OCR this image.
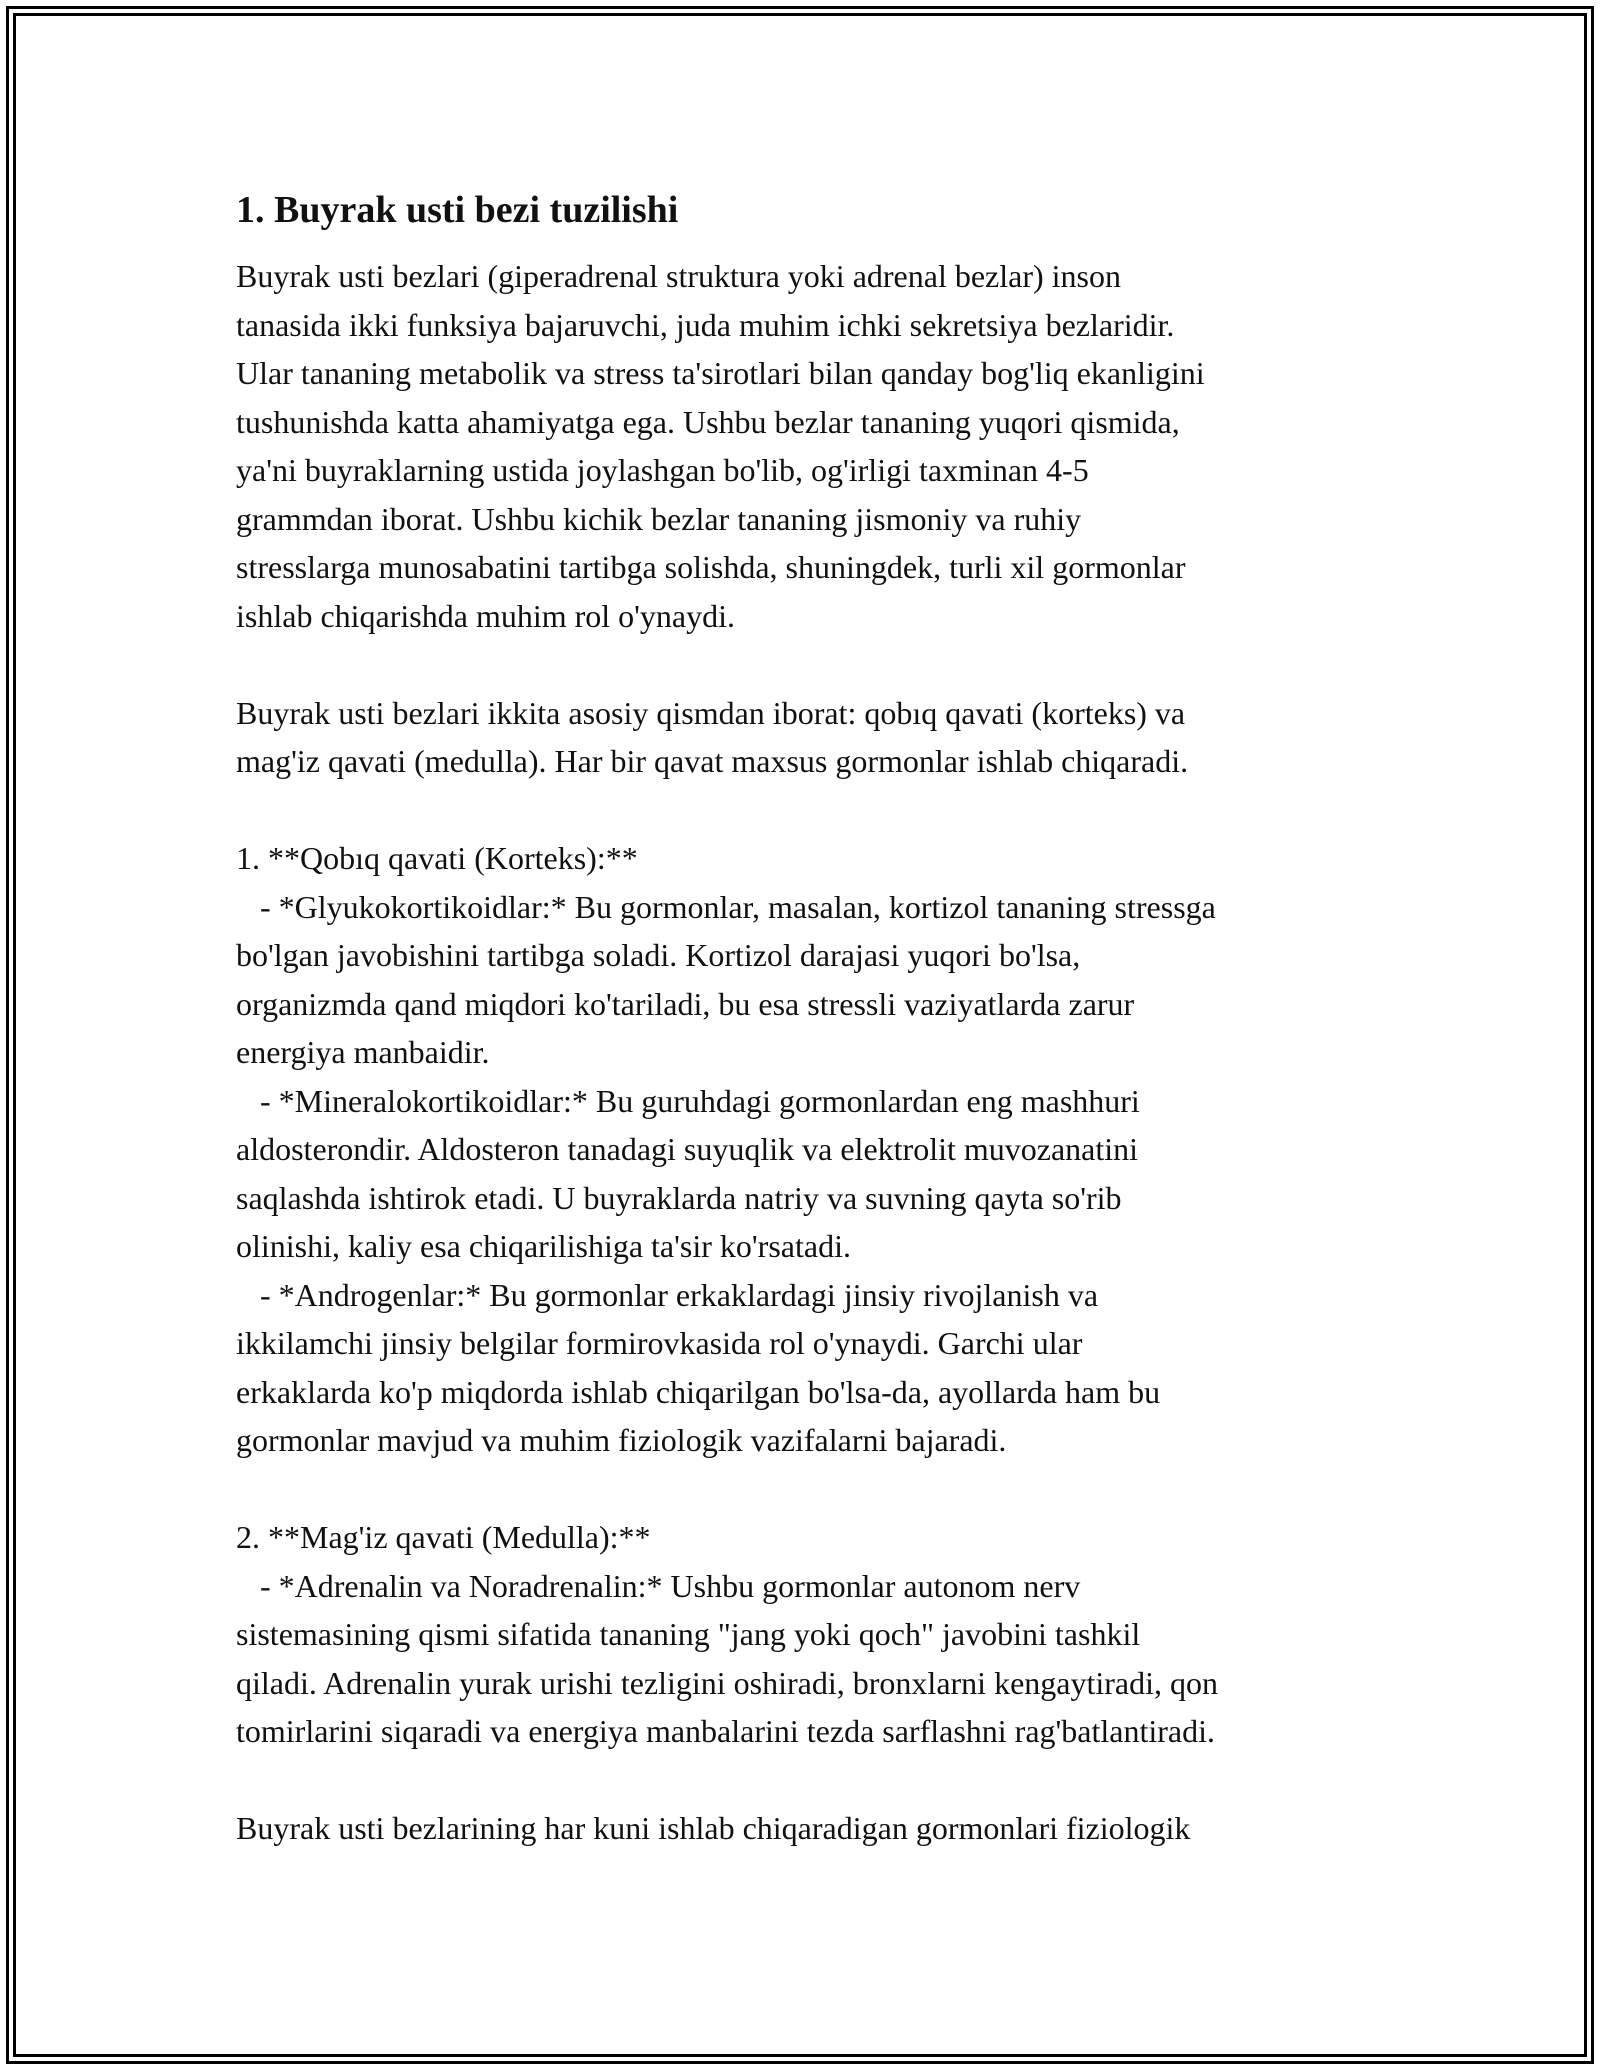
1. Buyrak usti bezi tuzilishi

Buyrak usti bezlari (giperadrenal struktura yoki adrenal bezlar) inson
tanasida ikki funksiya bajaruvchi, juda muhim ichki sekretsiya bezlaridir.
Ular tananing metabolik va stress ta'sirotlari bilan qanday bog'liq ekanligini
tushunishda katta ahamiyatga ega. Ushbu bezlar tananing yuqori qismida,
ya'ni buyraklarning ustida joylashgan bo'lib, og'irligi taxminan 4-5
grammdan iborat. Ushbu kichik bezlar tananing jismoniy va ruhiy
stresslarga munosabatini tartibga solishda, shuningdek, turli xil gormonlar
ishlab chiqarishda muhim rol o'ynaydi.

Buyrak usti bezlari ikkita asosiy qismdan iborat: qobıq qavati (korteks) va
mag'iz qavati (medulla). Har bir qavat maxsus gormonlar ishlab chiqaradi.

1. **Qobıq qavati (Korteks):**
- *Glyukokortikoidlar:* Bu gormonlar, masalan, kortizol tananing stressga
bo'lgan javobishini tartibga soladi. Kortizol darajasi yuqori bo'lsa,
organizmda qand miqdori ko'tariladi, bu esa stressli vaziyatlarda zarur
energiya manbaidir.
- *Mineralokortikoidlar:* Bu guruhdagi gormonlardan eng mashhuri
aldosterondir. Aldosteron tanadagi suyuqlik va elektrolit muvozanatini
saqlashda ishtirok etadi. U buyraklarda natriy va suvning qayta so'rib
olinishi, kaliy esa chiqarilishiga ta'sir ko'rsatadi.
- *Androgenlar:* Bu gormonlar erkaklardagi jinsiy rivojlanish va
ikkilamchi jinsiy belgilar formirovkasida rol o'ynaydi. Garchi ular
erkaklarda ko'p miqdorda ishlab chiqarilgan bo'lsa-da, ayollarda ham bu
gormonlar mavjud va muhim fiziologik vazifalarni bajaradi.

2. **Mag'iz qavati (Medulla):**
- *Adrenalin va Noradrenalin:* Ushbu gormonlar autonom nerv
sistemasining qismi sifatida tananing "jang yoki qoch" javobini tashkil
qiladi. Adrenalin yurak urishi tezligini oshiradi, bronxlarni kengaytiradi, qon
tomirlarini siqaradi va energiya manbalarini tezda sarflashni rag'batlantiradi.

Buyrak usti bezlarining har kuni ishlab chiqaradigan gormonlari fiziologik
